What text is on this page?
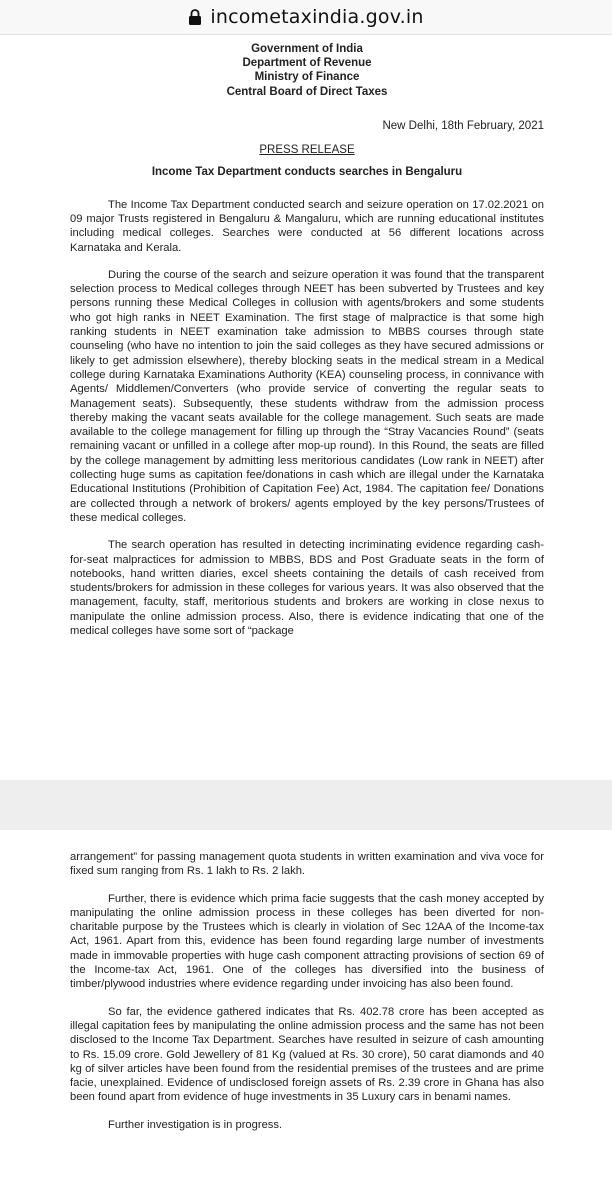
incometaxindia.gov.in
Government of India
Department of Revenue
Ministry of Finance
Central Board of Direct Taxes
New Delhi, 18th February, 2021
PRESS RELEASE
Income Tax Department conducts searches in Bengaluru

The Income Tax Department conducted search and seizure operation on 17.02.2021 on 09 major Trusts registered in Bengaluru & Mangaluru, which are running educational institutes including medical colleges. Searches were conducted at 56 different locations across Karnataka and Kerala.

During the course of the search and seizure operation it was found that the transparent selection process to Medical colleges through NEET has been subverted by Trustees and key persons running these Medical Colleges in collusion with agents/brokers and some students who got high ranks in NEET Examination. The first stage of malpractice is that some high ranking students in NEET examination take admission to MBBS courses through state counseling (who have no intention to join the said colleges as they have secured admissions or likely to get admission elsewhere), thereby blocking seats in the medical stream in a Medical college during Karnataka Examinations Authority (KEA) counseling process, in connivance with Agents/ Middlemen/Converters (who provide service of converting the regular seats to Management seats). Subsequently, these students withdraw from the admission process thereby making the vacant seats available for the college management. Such seats are made available to the college management for filling up through the “Stray Vacancies Round” (seats remaining vacant or unfilled in a college after mop-up round). In this Round, the seats are filled by the college management by admitting less meritorious candidates (Low rank in NEET) after collecting huge sums as capitation fee/donations in cash which are illegal under the Karnataka Educational Institutions (Prohibition of Capitation Fee) Act, 1984. The capitation fee/ Donations are collected through a network of brokers/ agents employed by the key persons/Trustees of these medical colleges.

The search operation has resulted in detecting incriminating evidence regarding cash-for-seat malpractices for admission to MBBS, BDS and Post Graduate seats in the form of notebooks, hand written diaries, excel sheets containing the details of cash received from students/brokers for admission in these colleges for various years. It was also observed that the management, faculty, staff, meritorious students and brokers are working in close nexus to manipulate the online admission process. Also, there is evidence indicating that one of the medical colleges have some sort of “package

arrangement” for passing management quota students in written examination and viva voce for fixed sum ranging from Rs. 1 lakh to Rs. 2 lakh.

Further, there is evidence which prima facie suggests that the cash money accepted by manipulating the online admission process in these colleges has been diverted for non-charitable purpose by the Trustees which is clearly in violation of Sec 12AA of the Income-tax Act, 1961. Apart from this, evidence has been found regarding large number of investments made in immovable properties with huge cash component attracting provisions of section 69 of the Income-tax Act, 1961. One of the colleges has diversified into the business of timber/plywood industries where evidence regarding under invoicing has also been found.

So far, the evidence gathered indicates that Rs. 402.78 crore has been accepted as illegal capitation fees by manipulating the online admission process and the same has not been disclosed to the Income Tax Department. Searches have resulted in seizure of cash amounting to Rs. 15.09 crore. Gold Jewellery of 81 Kg (valued at Rs. 30 crore), 50 carat diamonds and 40 kg of silver articles have been found from the residential premises of the trustees and are prime facie, unexplained. Evidence of undisclosed foreign assets of Rs. 2.39 crore in Ghana has also been found apart from evidence of huge investments in 35 Luxury cars in benami names.

Further investigation is in progress.
